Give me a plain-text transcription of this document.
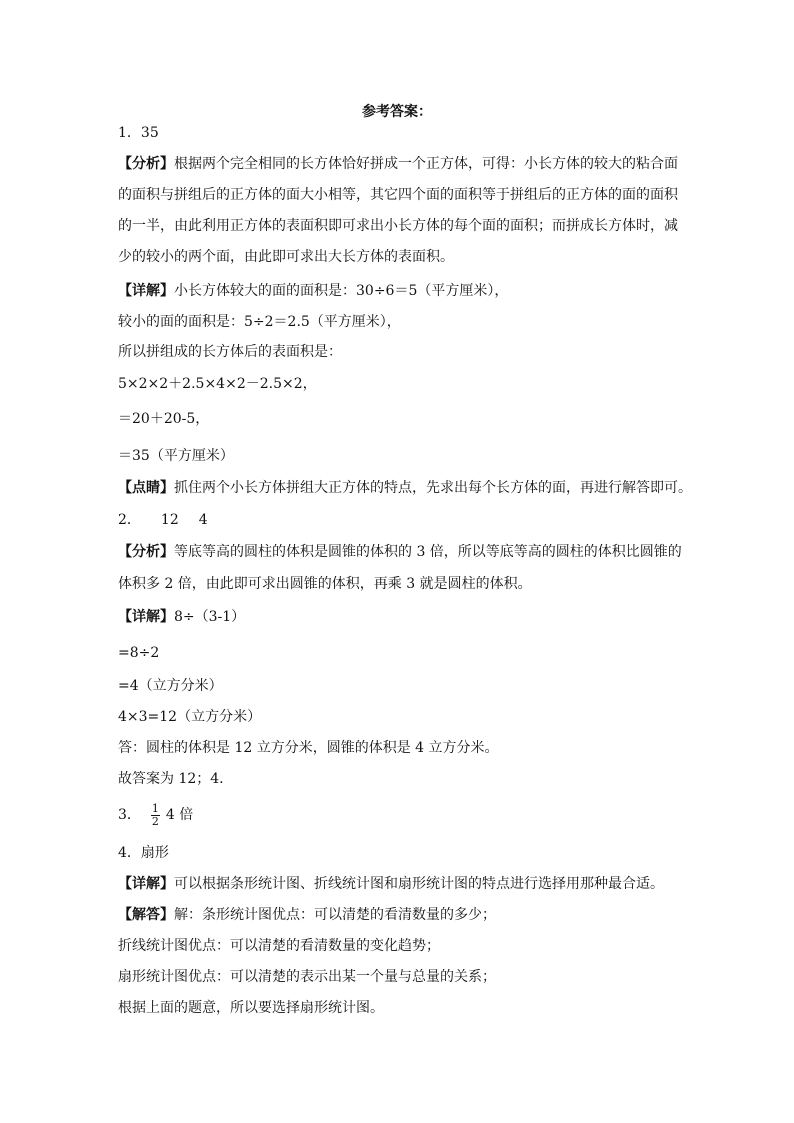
参考答案：
1．35
【分析】根据两个完全相同的长方体恰好拼成一个正方体，可得：小长方体的较大的粘合面
的面积与拼组后的正方体的面大小相等，其它四个面的面积等于拼组后的正方体的面的面积
的一半，由此利用正方体的表面积即可求出小长方体的每个面的面积；而拼成长方体时，减
少的较小的两个面，由此即可求出大长方体的表面积。
【详解】小长方体较大的面的面积是：30÷6＝5（平方厘米），
较小的面的面积是：5÷2＝2.5（平方厘米），
所以拼组成的长方体后的表面积是：
5×2×2＋2.5×4×2－2.5×2，
＝20＋20-5，
＝35（平方厘米）
【点睛】抓住两个小长方体拼组大正方体的特点，先求出每个长方体的面，再进行解答即可。
2． 12 4
【分析】等底等高的圆柱的体积是圆锥的体积的 3 倍，所以等底等高的圆柱的体积比圆锥的
体积多 2 倍，由此即可求出圆锥的体积，再乘 3 就是圆柱的体积。
【详解】8÷（3-1）
=8÷2
=4（立方分米）
4×3=12（立方分米）
答：圆柱的体积是 12 立方分米，圆锥的体积是 4 立方分米。
故答案为 12；4.
3． $\frac{1}{2} 4$ 倍
4．扇形
【详解】可以根据条形统计图、折线统计图和扇形统计图的特点进行选择用那种最合适。
【解答】解：条形统计图优点：可以清楚的看清数量的多少；
折线统计图优点：可以清楚的看清数量的变化趋势；
扇形统计图优点：可以清楚的表示出某一个量与总量的关系；
根据上面的题意，所以要选择扇形统计图。
